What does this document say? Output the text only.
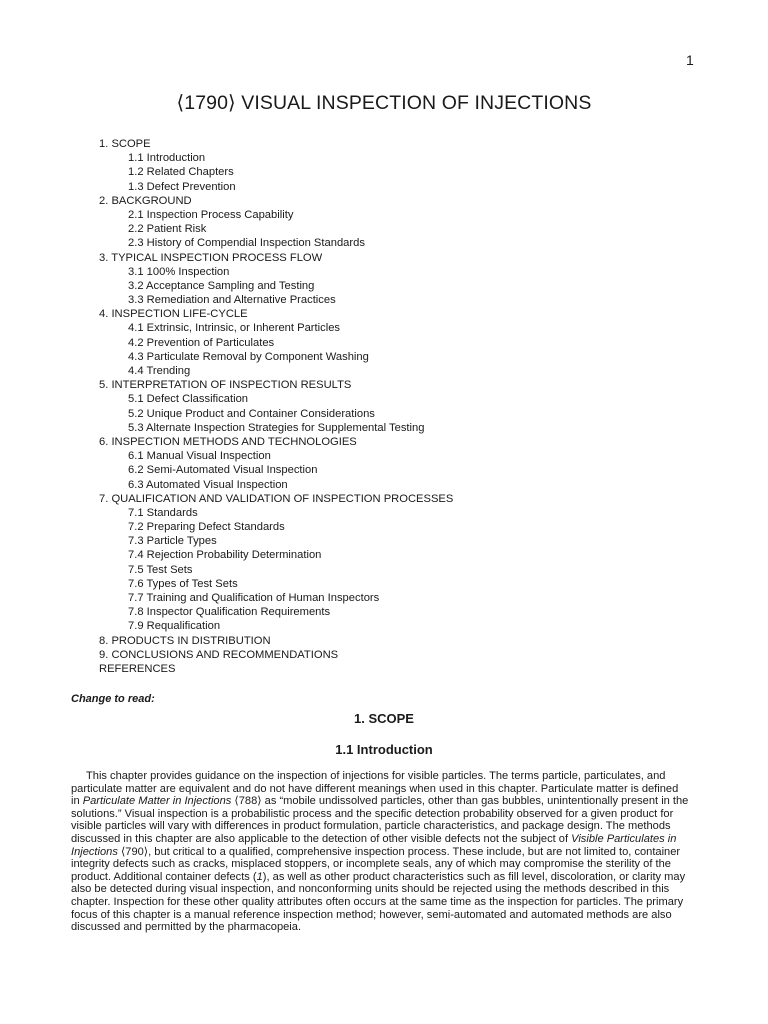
1
⟨1790⟩ VISUAL INSPECTION OF INJECTIONS
1. SCOPE
1.1 Introduction
1.2 Related Chapters
1.3 Defect Prevention
2. BACKGROUND
2.1 Inspection Process Capability
2.2 Patient Risk
2.3 History of Compendial Inspection Standards
3. TYPICAL INSPECTION PROCESS FLOW
3.1 100% Inspection
3.2 Acceptance Sampling and Testing
3.3 Remediation and Alternative Practices
4. INSPECTION LIFE-CYCLE
4.1 Extrinsic, Intrinsic, or Inherent Particles
4.2 Prevention of Particulates
4.3 Particulate Removal by Component Washing
4.4 Trending
5. INTERPRETATION OF INSPECTION RESULTS
5.1 Defect Classification
5.2 Unique Product and Container Considerations
5.3 Alternate Inspection Strategies for Supplemental Testing
6. INSPECTION METHODS AND TECHNOLOGIES
6.1 Manual Visual Inspection
6.2 Semi-Automated Visual Inspection
6.3 Automated Visual Inspection
7. QUALIFICATION AND VALIDATION OF INSPECTION PROCESSES
7.1 Standards
7.2 Preparing Defect Standards
7.3 Particle Types
7.4 Rejection Probability Determination
7.5 Test Sets
7.6 Types of Test Sets
7.7 Training and Qualification of Human Inspectors
7.8 Inspector Qualification Requirements
7.9 Requalification
8. PRODUCTS IN DISTRIBUTION
9. CONCLUSIONS AND RECOMMENDATIONS
REFERENCES
Change to read:
1. SCOPE
1.1 Introduction
This chapter provides guidance on the inspection of injections for visible particles. The terms particle, particulates, and
particulate matter are equivalent and do not have different meanings when used in this chapter. Particulate matter is defined
in Particulate Matter in Injections ⟨788⟩ as “mobile undissolved particles, other than gas bubbles, unintentionally present in the
solutions.” Visual inspection is a probabilistic process and the specific detection probability observed for a given product for
visible particles will vary with differences in product formulation, particle characteristics, and package design. The methods
discussed in this chapter are also applicable to the detection of other visible defects not the subject of Visible Particulates in
Injections ⟨790⟩, but critical to a qualified, comprehensive inspection process. These include, but are not limited to, container
integrity defects such as cracks, misplaced stoppers, or incomplete seals, any of which may compromise the sterility of the
product. Additional container defects (1), as well as other product characteristics such as fill level, discoloration, or clarity may
also be detected during visual inspection, and nonconforming units should be rejected using the methods described in this
chapter. Inspection for these other quality attributes often occurs at the same time as the inspection for particles. The primary
focus of this chapter is a manual reference inspection method; however, semi-automated and automated methods are also
discussed and permitted by the pharmacopeia.
